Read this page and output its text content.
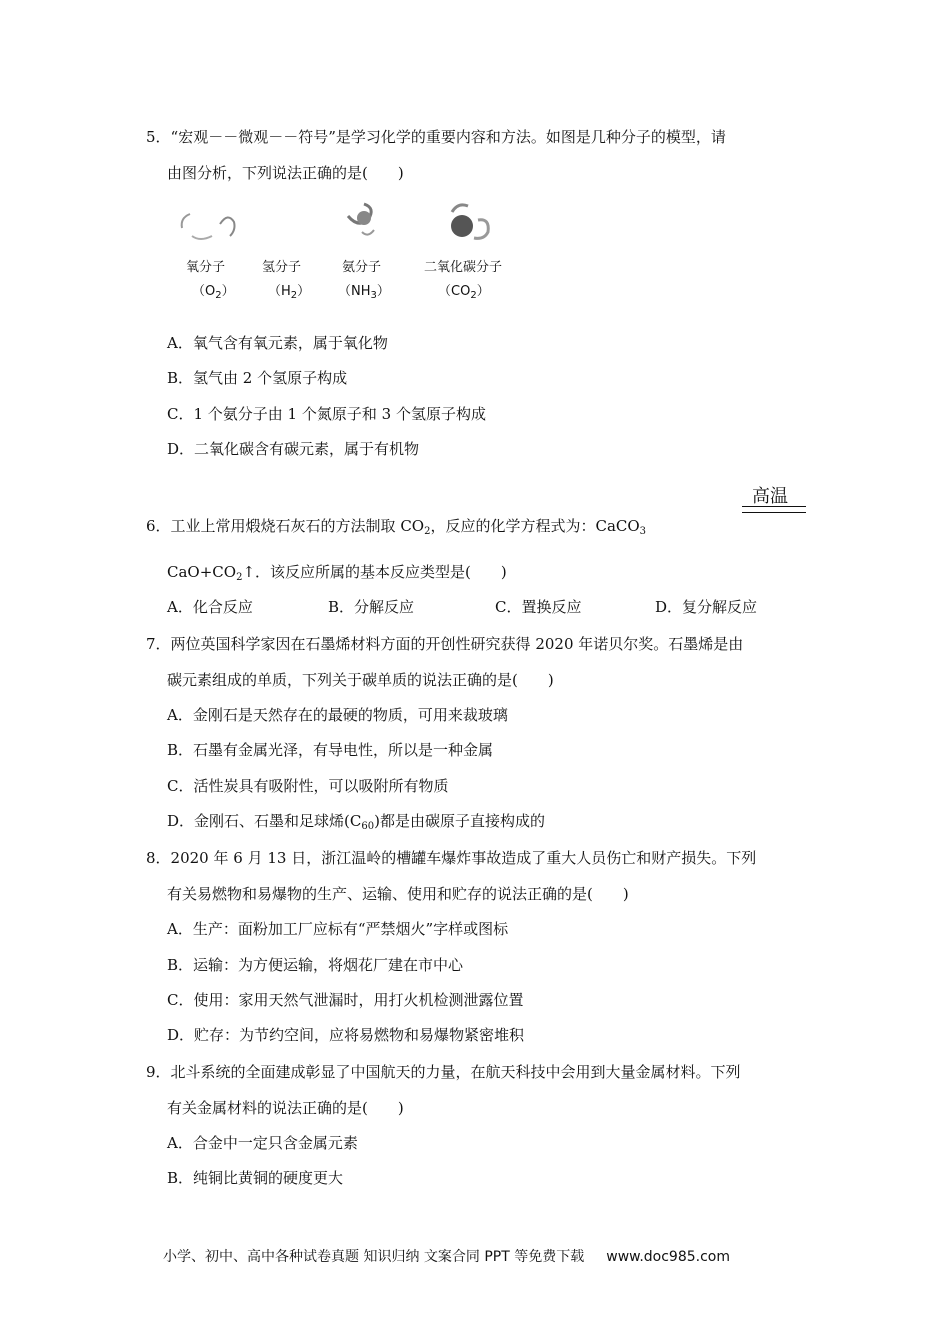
5．“宏观－－微观－－符号”是学习化学的重要内容和方法。如图是几种分子的模型，请
由图分析，下列说法正确的是(　　)
氧分子	氢分子	氨分子	二氧化碳分子
$(O_2)$	$(H_2)$ $(NH_3)$	$(CO_2)$
A．氧气含有氧元素，属于氧化物
B．氢气由 2 个氢原子构成
C．1 个氨分子由 1 个氮原子和 3 个氢原子构成
D．二氧化碳含有碳元素，属于有机物
高温
6．工业上常用煅烧石灰石的方法制取 $CO_2$，反应的化学方程式为：CaCO$_3$
$CaO+CO_2↑$．该反应所属的基本反应类型是(　　)
A．化合反应	B．分解反应	C．置换反应	D．复分解反应
7．两位英国科学家因在石墨烯材料方面的开创性研究获得 2020 年诺贝尔奖。石墨烯是由
碳元素组成的单质，下列关于碳单质的说法正确的是(　　)
A．金刚石是天然存在的最硬的物质，可用来裁玻璃
B．石墨有金属光泽，有导电性，所以是一种金属
C．活性炭具有吸附性，可以吸附所有物质
D．金刚石、石墨和足球烯$(C_{60})$都是由碳原子直接构成的
8．2020 年 6 月 13 日，浙江温岭的槽罐车爆炸事故造成了重大人员伤亡和财产损失。下列
有关易燃物和易爆物的生产、运输、使用和贮存的说法正确的是(　　)
A．生产：面粉加工厂应标有“严禁烟火”字样或图标
B．运输：为方便运输，将烟花厂建在市中心
C．使用：家用天然气泄漏时，用打火机检测泄露位置
D．贮存：为节约空间，应将易燃物和易爆物紧密堆积
9．北斗系统的全面建成彰显了中国航天的力量，在航天科技中会用到大量金属材料。下列
有关金属材料的说法正确的是(　　)
A．合金中一定只含金属元素
B．纯铜比黄铜的硬度更大
小学、初中、高中各种试卷真题 知识归纳 文案合同 PPT 等免费下载 www.doc985.com
